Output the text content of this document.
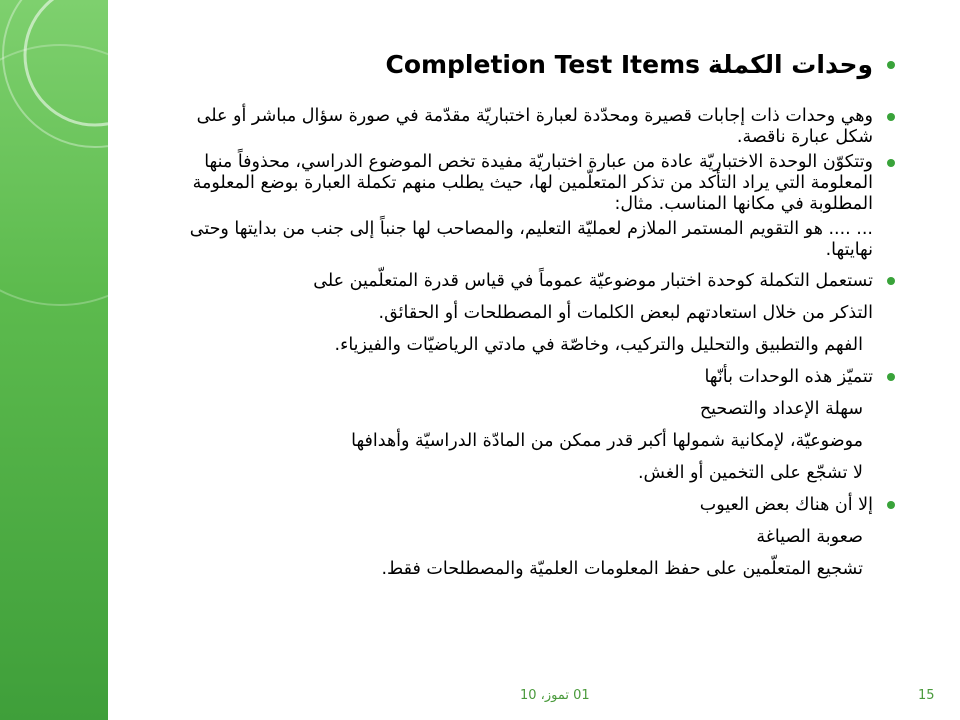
وحدات الكملة Completion Test Items
وهي وحدات ذات إجابات قصيرة ومحدّدة لعبارة اختباريّة مقدّمة في صورة سؤال مباشر أو على شكل عبارة ناقصة.
وتتكوّن الوحدة الاختباريّة عادة من عبارة اختباريّة مفيدة تخص الموضوع الدراسي، محذوفاً منها المعلومة التي يراد التأكد من تذكر المتعلّمين لها، حيث يطلب منهم تكملة العبارة بوضع المعلومة المطلوبة في مكانها المناسب. مثال:
... .... هو التقويم المستمر الملازم لعمليّة التعليم، والمصاحب لها جنباً إلى جنب من بدايتها وحتى نهايتها.
تستعمل التكملة كوحدة اختبار موضوعيّة عموماً في قياس قدرة المتعلّمين على
التذكر من خلال استعادتهم لبعض الكلمات أو المصطلحات أو الحقائق.
الفهم والتطبيق والتحليل والتركيب، وخاصّة في مادتي الرياضيّات والفيزياء.
تتميّز هذه الوحدات بأنّها
سهلة الإعداد والتصحيح
موضوعيّة، لإمكانية شمولها أكبر قدر ممكن من المادّة الدراسيّة وأهدافها
لا تشجّع على التخمين أو الغش.
إلا أن هناك بعض العيوب
صعوبة الصياغة
تشجيع المتعلّمين على حفظ المعلومات العلميّة والمصطلحات فقط.
01 تموز، 10	15
